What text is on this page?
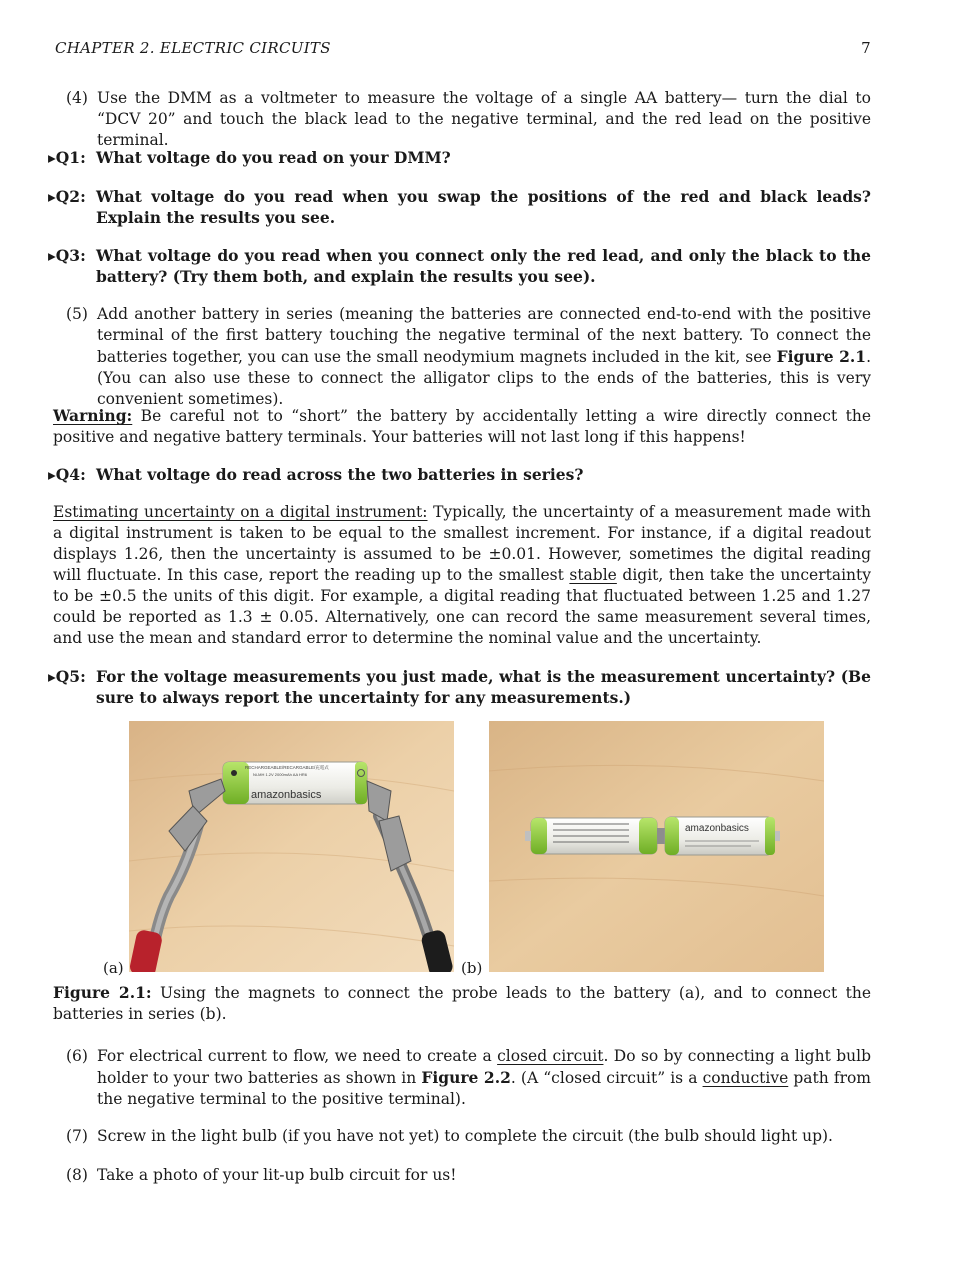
CHAPTER 2. ELECTRIC CIRCUITS	7
(4) Use the DMM as a voltmeter to measure the voltage of a single AA battery— turn the dial to “DCV 20” and touch the black lead to the negative terminal, and the red lead on the positive terminal.
▸Q1: What voltage do you read on your DMM?
▸Q2: What voltage do you read when you swap the positions of the red and black leads? Explain the results you see.
▸Q3: What voltage do you read when you connect only the red lead, and only the black to the battery? (Try them both, and explain the results you see).
(5) Add another battery in series (meaning the batteries are connected end-to-end with the positive terminal of the first battery touching the negative terminal of the next battery. To connect the batteries together, you can use the small neodymium magnets included in the kit, see Figure 2.1. (You can also use these to connect the alligator clips to the ends of the batteries, this is very convenient sometimes).
Warning: Be careful not to “short” the battery by accidentally letting a wire directly connect the positive and negative battery terminals. Your batteries will not last long if this happens!
▸Q4: What voltage do read across the two batteries in series?
Estimating uncertainty on a digital instrument: Typically, the uncertainty of a measurement made with a digital instrument is taken to be equal to the smallest increment. For instance, if a digital readout displays 1.26, then the uncertainty is assumed to be ±0.01. However, sometimes the digital reading will fluctuate. In this case, report the reading up to the smallest stable digit, then take the uncertainty to be ±0.5 the units of this digit. For example, a digital reading that fluctuated between 1.25 and 1.27 could be reported as 1.3 ± 0.05. Alternatively, one can record the same measurement several times, and use the mean and standard error to determine the nominal value and the uncertainty.
▸Q5: For the voltage measurements you just made, what is the measurement uncertainty? (Be sure to always report the uncertainty for any measurements.)
RECHARGEABLE/RECARGABLE/充電式
Ni-MH 1.2V 2000mAh AA HR6
amazonbasics
(a)
amazonbasics
(b)
Figure 2.1: Using the magnets to connect the probe leads to the battery (a), and to connect the batteries in series (b).
(6) For electrical current to flow, we need to create a closed circuit. Do so by connecting a light bulb holder to your two batteries as shown in Figure 2.2. (A “closed circuit” is a conductive path from the negative terminal to the positive terminal).
(7) Screw in the light bulb (if you have not yet) to complete the circuit (the bulb should light up).
(8) Take a photo of your lit-up bulb circuit for us!
